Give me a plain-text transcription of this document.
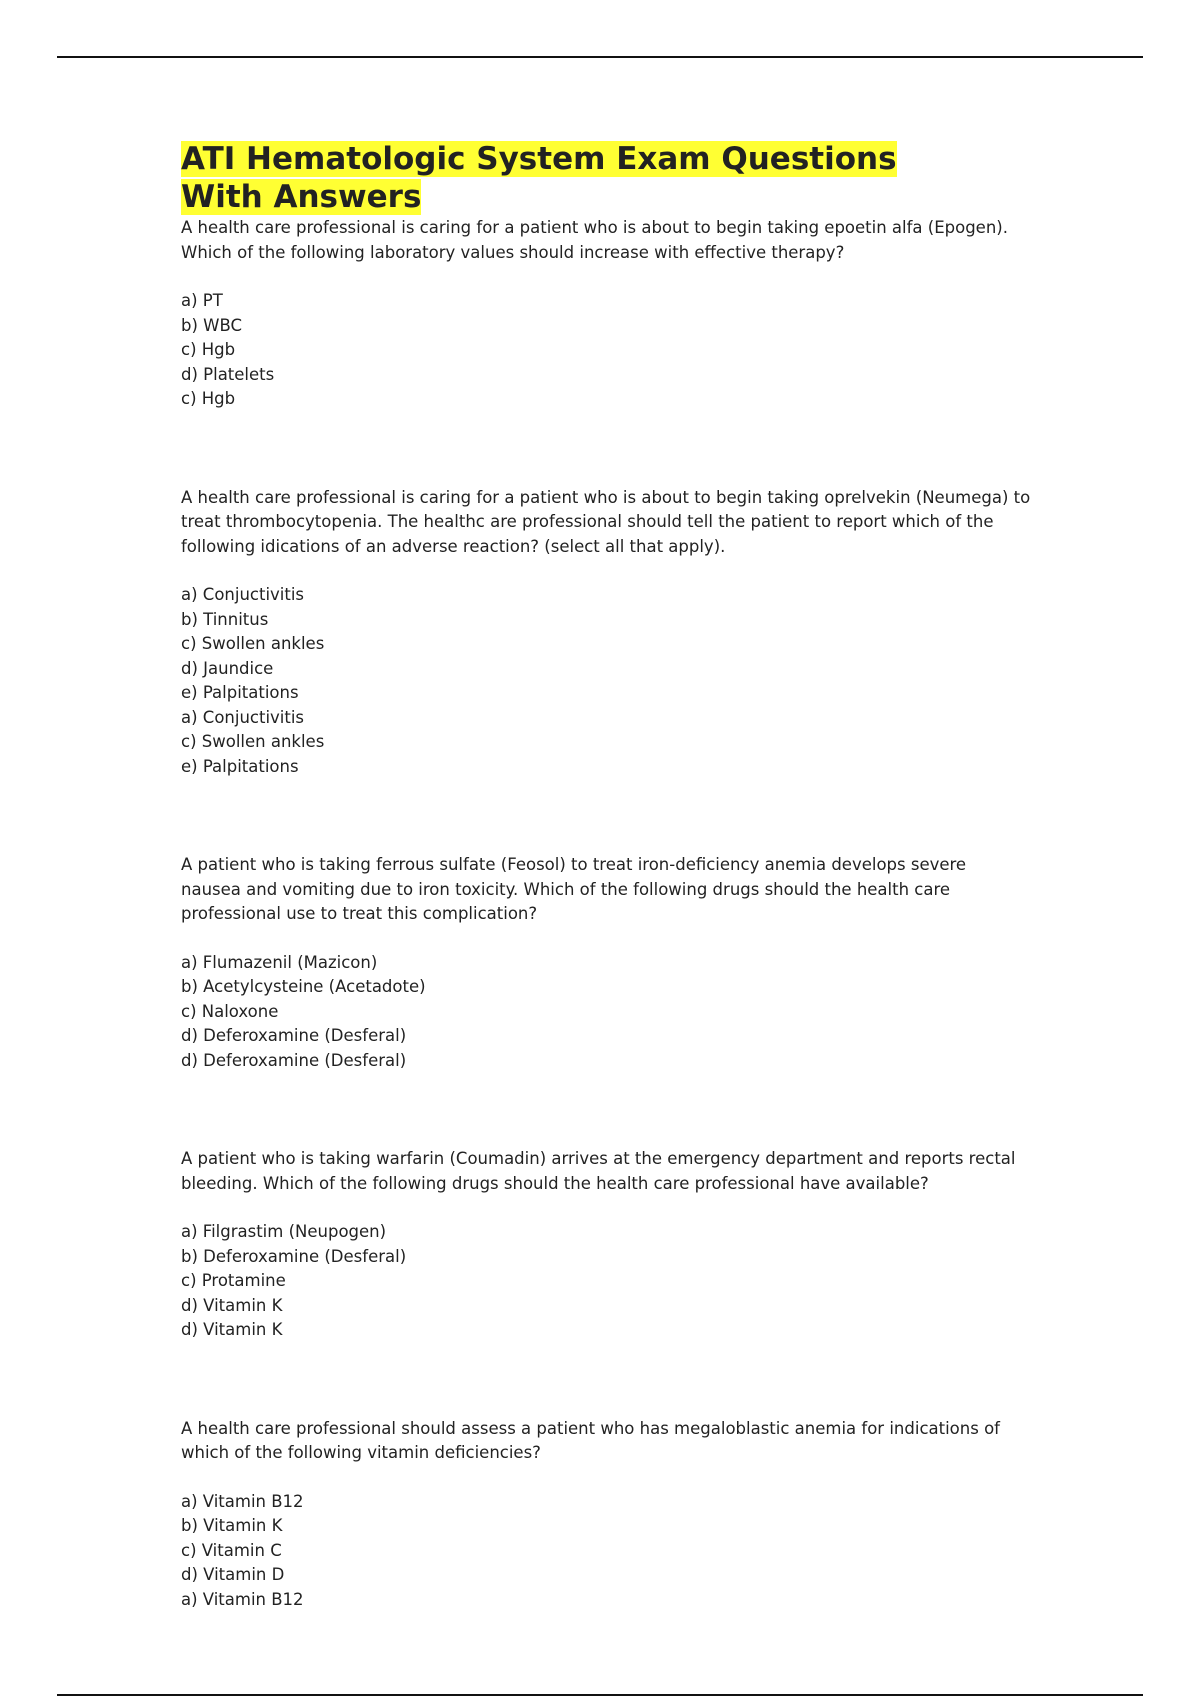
ATI Hematologic System Exam Questions
With Answers

A health care professional is caring for a patient who is about to begin taking epoetin alfa (Epogen).
Which of the following laboratory values should increase with effective therapy?

a) PT
b) WBC
c) Hgb
d) Platelets
c) Hgb

A health care professional is caring for a patient who is about to begin taking oprelvekin (Neumega) to
treat thrombocytopenia. The healthc are professional should tell the patient to report which of the
following idications of an adverse reaction? (select all that apply).

a) Conjuctivitis
b) Tinnitus
c) Swollen ankles
d) Jaundice
e) Palpitations
a) Conjuctivitis
c) Swollen ankles
e) Palpitations

A patient who is taking ferrous sulfate (Feosol) to treat iron-deficiency anemia develops severe
nausea and vomiting due to iron toxicity. Which of the following drugs should the health care
professional use to treat this complication?

a) Flumazenil (Mazicon)
b) Acetylcysteine (Acetadote)
c) Naloxone
d) Deferoxamine (Desferal)
d) Deferoxamine (Desferal)

A patient who is taking warfarin (Coumadin) arrives at the emergency department and reports rectal
bleeding. Which of the following drugs should the health care professional have available?

a) Filgrastim (Neupogen)
b) Deferoxamine (Desferal)
c) Protamine
d) Vitamin K
d) Vitamin K

A health care professional should assess a patient who has megaloblastic anemia for indications of
which of the following vitamin deficiencies?

a) Vitamin B12
b) Vitamin K
c) Vitamin C
d) Vitamin D
a) Vitamin B12
